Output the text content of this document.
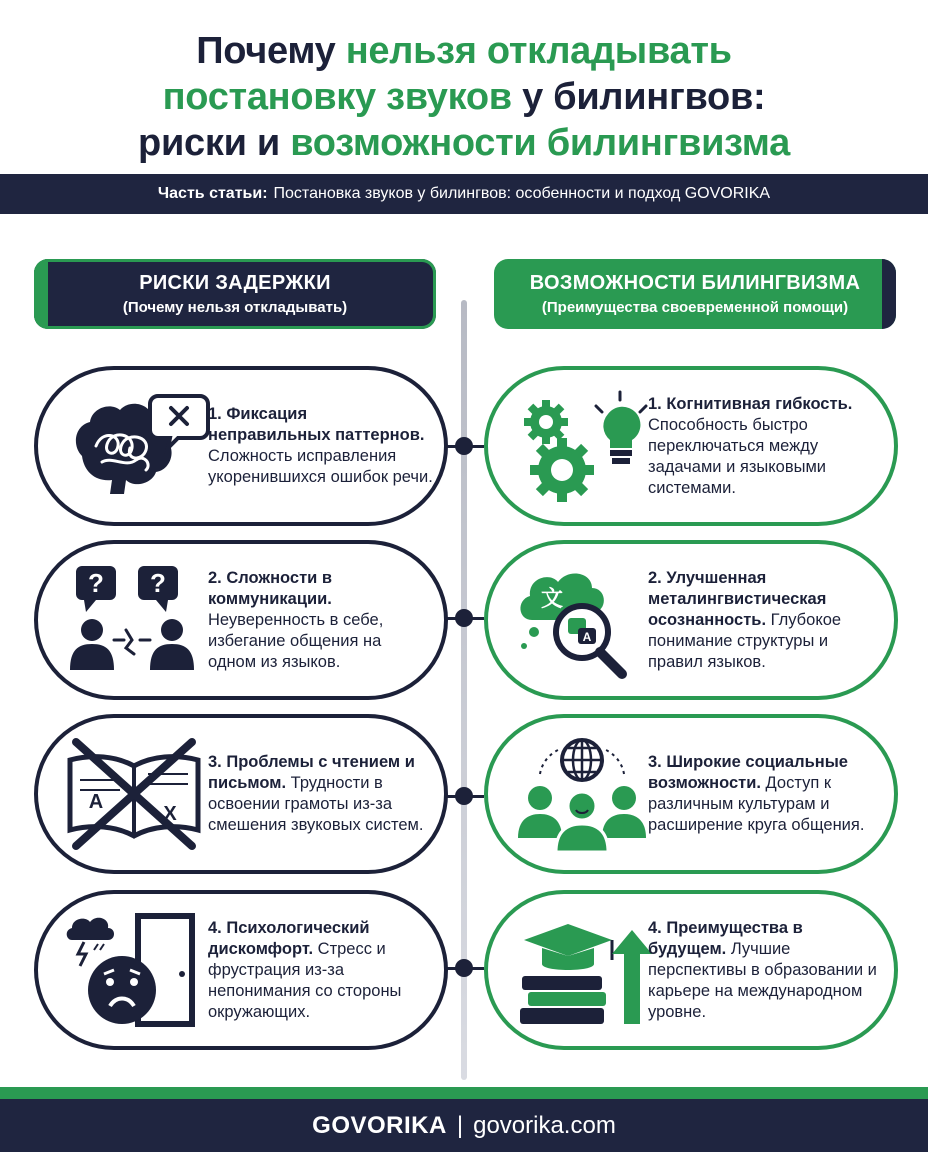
Почему нельзя откладывать
постановку звуков у билингвов:
риски и возможности билингвизма
Часть статьи: Постановка звуков у билингвов: особенности и подход GOVORIKA
РИСКИ ЗАДЕРЖКИ
(Почему нельзя откладывать)
ВОЗМОЖНОСТИ БИЛИНГВИЗМА
(Преимущества своевременной помощи)
1. Фиксация неправильных паттернов. Сложность исправления укоренившихся ошибок речи.
? ?	2. Сложности в коммуникации. Неуверенность в себе, избегание общения на одном из языков.
A
X
3. Проблемы с чтением и письмом. Трудности в освоении грамоты из-за смешения звуковых систем.
4. Психологический дискомфорт. Стресс и фрустрация из-за непонимания со стороны окружающих.
1. Когнитивная гибкость. Способность быстро переключаться между задачами и языковыми системами.
文
A
2. Улучшенная металингвистическая осознанность. Глубокое понимание структуры и правил языков.
3. Широкие социальные возможности. Доступ к различным культурам и расширение круга общения.
4. Преимущества в будущем. Лучшие перспективы в образовании и карьере на международном уровне.
GOVORIKA | govorika.com
